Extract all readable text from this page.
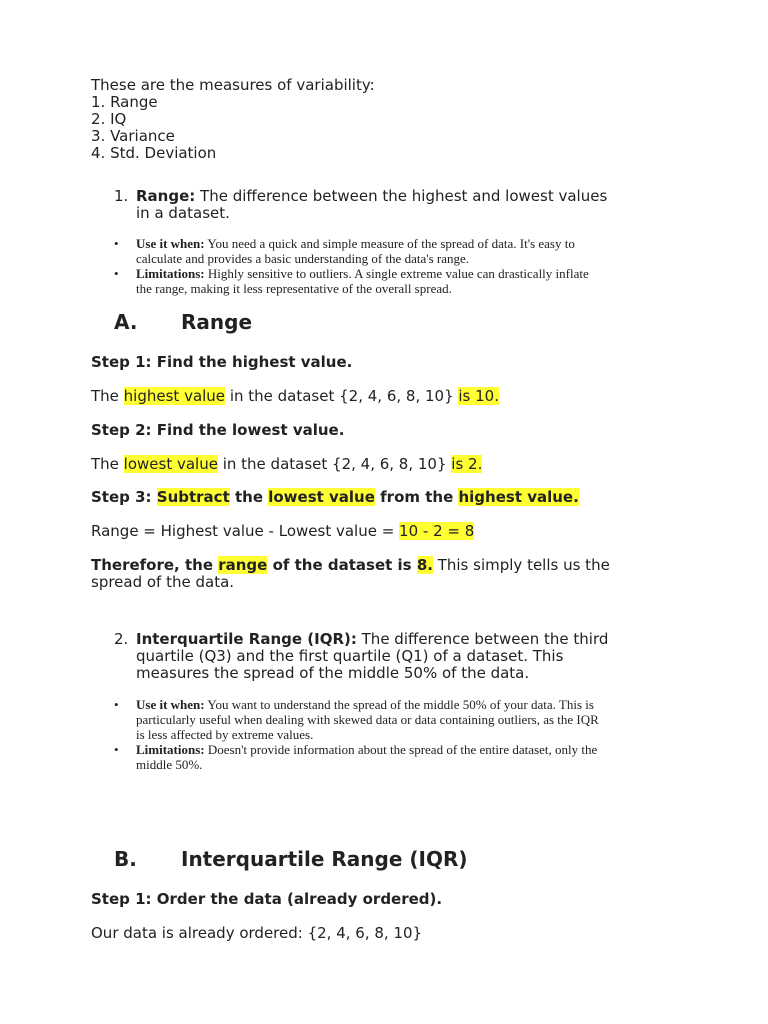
These are the measures of variability:
1. Range
2. IQ
3. Variance
4. Std. Deviation
1. Range: The difference between the highest and lowest values
in a dataset.
• Use it when: You need a quick and simple measure of the spread of data. It's easy to
calculate and provides a basic understanding of the data's range.
• Limitations: Highly sensitive to outliers. A single extreme value can drastically inflate
the range, making it less representative of the overall spread.
A. Range
Step 1: Find the highest value.
The highest value in the dataset {2, 4, 6, 8, 10} is 10.
Step 2: Find the lowest value.
The lowest value in the dataset {2, 4, 6, 8, 10} is 2.
Step 3: Subtract the lowest value from the highest value.
Range = Highest value - Lowest value = 10 - 2 = 8
Therefore, the range of the dataset is 8. This simply tells us the
spread of the data.
2. Interquartile Range (IQR): The difference between the third
quartile (Q3) and the first quartile (Q1) of a dataset. This
measures the spread of the middle 50% of the data.
• Use it when: You want to understand the spread of the middle 50% of your data. This is
particularly useful when dealing with skewed data or data containing outliers, as the IQR
is less affected by extreme values.
• Limitations: Doesn't provide information about the spread of the entire dataset, only the
middle 50%.
B. Interquartile Range (IQR)
Step 1: Order the data (already ordered).
Our data is already ordered: {2, 4, 6, 8, 10}
